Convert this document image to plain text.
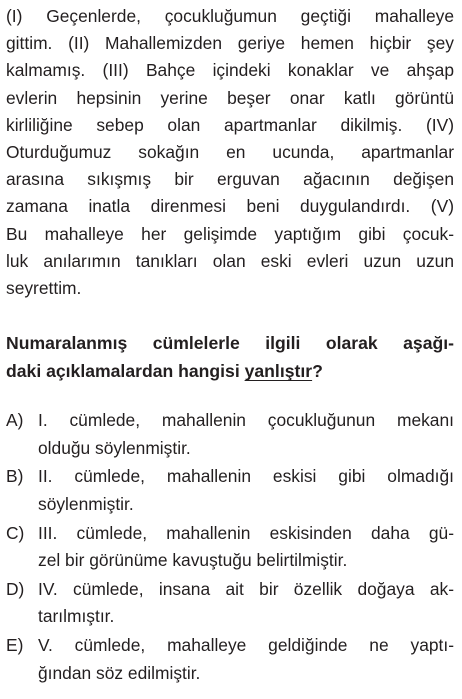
(I) Geçenlerde, çocukluğumun geçtiği mahalleye
gittim. (II) Mahallemizden geriye hemen hiçbir şey
kalmamış. (III) Bahçe içindeki konaklar ve ahşap
evlerin hepsinin yerine beşer onar katlı görüntü
kirliliğine sebep olan apartmanlar dikilmiş. (IV)
Oturduğumuz sokağın en ucunda, apartmanlar
arasına sıkışmış bir erguvan ağacının değişen
zamana inatla direnmesi beni duygulandırdı. (V)
Bu mahalleye her gelişimde yaptığım gibi çocuk-
luk anılarımın tanıkları olan eski evleri uzun uzun
seyrettim.
Numaralanmış cümlelerle ilgili olarak aşağı-
daki açıklamalardan hangisi yanlıştır?
A) I. cümlede, mahallenin çocukluğunun mekanı
olduğu söylenmiştir.
B) II. cümlede, mahallenin eskisi gibi olmadığı
söylenmiştir.
C) III. cümlede, mahallenin eskisinden daha gü-
zel bir görünüme kavuştuğu belirtilmiştir.
D) IV. cümlede, insana ait bir özellik doğaya ak-
tarılmıştır.
E) V. cümlede, mahalleye geldiğinde ne yaptı-
ğından söz edilmiştir.
